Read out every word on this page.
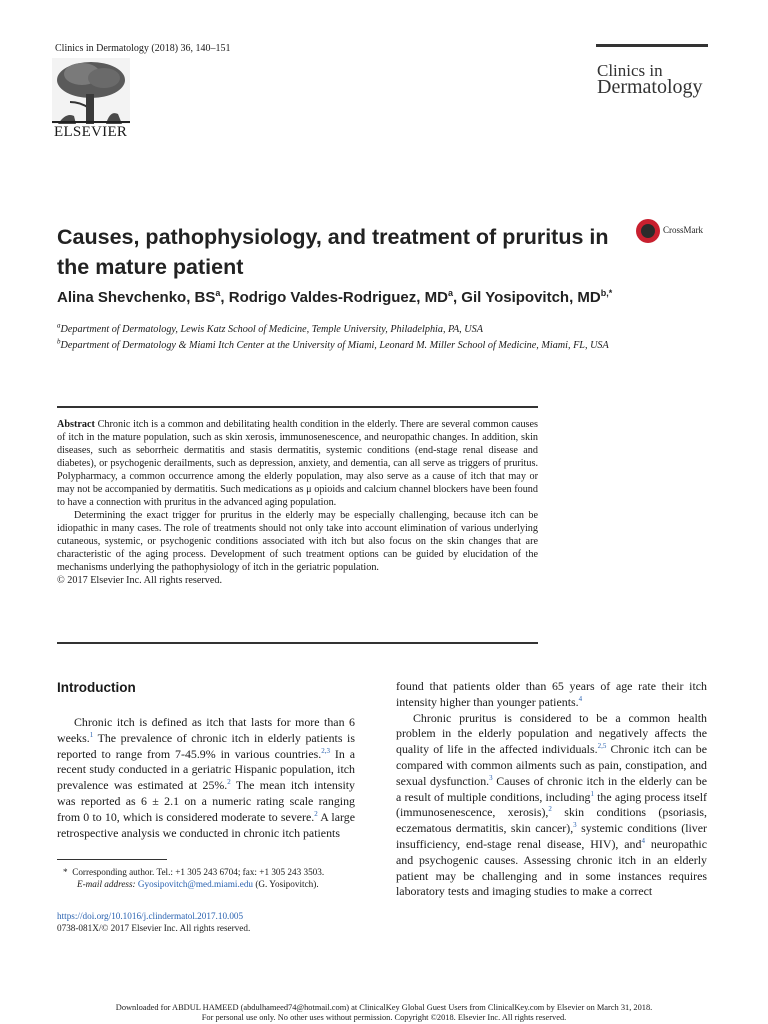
Clinics in Dermatology (2018) 36, 140–151
ELSEVIER
Clinics in
Dermatology
Causes, pathophysiology, and treatment of pruritus in the mature patient
CrossMark
Alina Shevchenko, $BS^a$, Rodrigo Valdes-Rodriguez, $MD^a$, Gil Yosipovitch, $MD^{b,*}$
$^a$Department of Dermatology, Lewis Katz School of Medicine, Temple University, Philadelphia, PA, USA
$^b$Department of Dermatology & Miami Itch Center at the University of Miami, Leonard M. Miller School of Medicine, Miami, FL, USA

Abstract Chronic itch is a common and debilitating health condition in the elderly. There are several common causes of itch in the mature population, such as skin xerosis, immunosenescence, and neuropathic changes. In addition, skin diseases, such as seborrheic dermatitis and stasis dermatitis, systemic conditions (end-stage renal disease and diabetes), or psychogenic derailments, such as depression, anxiety, and dementia, can all serve as triggers of pruritus. Polypharmacy, a common occurrence among the elderly population, may also serve as a cause of itch that may or may not be accompanied by dermatitis. Such medications as μ opioids and calcium channel blockers have been found to have a connection with pruritus in the advanced aging population.

Determining the exact trigger for pruritus in the elderly may be especially challenging, because itch can be idiopathic in many cases. The role of treatments should not only take into account elimination of various underlying cutaneous, systemic, or psychogenic conditions associated with itch but also focus on the skin changes that are characteristic of the aging process. Development of such treatment options can be guided by elucidation of the mechanisms underlying the pathophysiology of itch in the geriatric population.

© 2017 Elsevier Inc. All rights reserved.

Introduction

Chronic itch is defined as itch that lasts for more than 6 weeks.$^1$ The prevalence of chronic itch in elderly patients is reported to range from 7-45.9% in various countries.$^{2,3}$ In a recent study conducted in a geriatric Hispanic population, itch prevalence was estimated at 25%.$^2$ The mean itch intensity was reported as 6 ± 2.1 on a numeric rating scale ranging from 0 to 10, which is considered moderate to severe.$^2$ A large retrospective analysis we conducted in chronic itch patients

* Corresponding author. Tel.: +1 305 243 6704; fax: +1 305 243 3503.
E-mail address: Gyosipovitch@med.miami.edu (G. Yosipovitch).
https://doi.org/10.1016/j.clindermatol.2017.10.005
0738-081X/© 2017 Elsevier Inc. All rights reserved.

found that patients older than 65 years of age rate their itch intensity higher than younger patients.$^4$

Chronic pruritus is considered to be a common health problem in the elderly population and negatively affects the quality of life in the affected individuals.$^{2,5}$ Chronic itch can be compared with common ailments such as pain, constipation, and sexual dysfunction.$^3$ Causes of chronic itch in the elderly can be a result of multiple conditions, including$^1$ the aging process itself (immunosenescence, xerosis),$^2$ skin conditions (psoriasis, eczematous dermatitis, skin cancer),$^3$ systemic conditions (liver insufficiency, end-stage renal disease, HIV), and$^4$ neuropathic and psychogenic causes. Assessing chronic itch in an elderly patient may be challenging and in some instances requires laboratory tests and imaging studies to make a correct

Downloaded for ABDUL HAMEED (abdulhameed74@hotmail.com) at ClinicalKey Global Guest Users from ClinicalKey.com by Elsevier on March 31, 2018.
For personal use only. No other uses without permission. Copyright ©2018. Elsevier Inc. All rights reserved.
